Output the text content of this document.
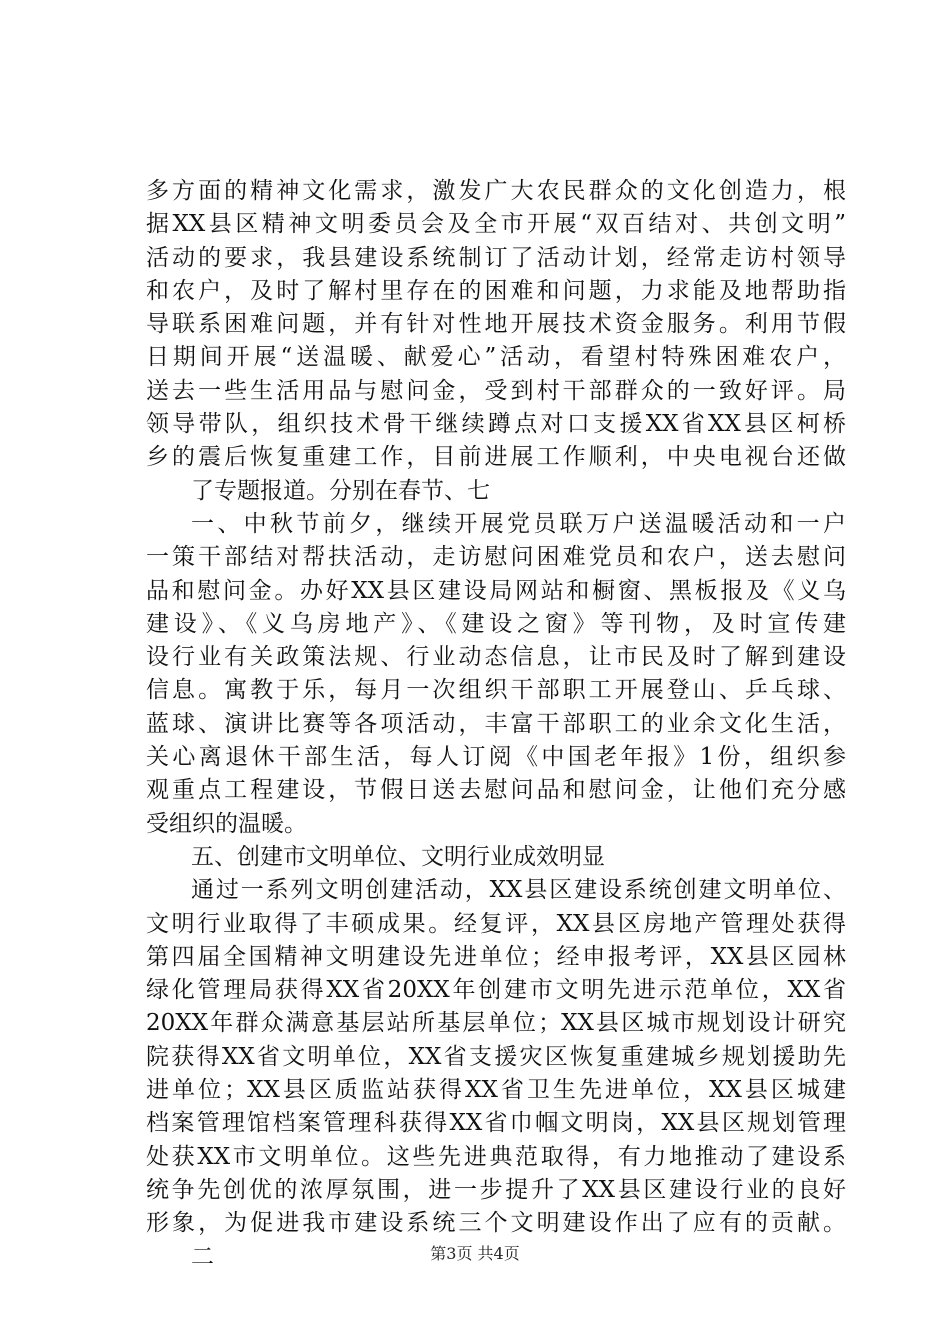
多方面的精神文化需求，激发广大农民群众的文化创造力，根
据XX县区精神文明委员会及全市开展“双百结对、共创文明”
活动的要求，我县建设系统制订了活动计划，经常走访村领导
和农户，及时了解村里存在的困难和问题，力求能及地帮助指
导联系困难问题，并有针对性地开展技术资金服务。利用节假
日期间开展“送温暖、献爱心”活动，看望村特殊困难农户，
送去一些生活用品与慰问金，受到村干部群众的一致好评。局
领导带队，组织技术骨干继续蹲点对口支援XX省XX县区柯桥
乡的震后恢复重建工作，目前进展工作顺利，中央电视台还做
了专题报道。分别在春节、七
一、中秋节前夕，继续开展党员联万户送温暖活动和一户
一策干部结对帮扶活动，走访慰问困难党员和农户，送去慰问
品和慰问金。办好XX县区建设局网站和橱窗、黑板报及《义乌
建设》、《义乌房地产》、《建设之窗》等刊物，及时宣传建
设行业有关政策法规、行业动态信息，让市民及时了解到建设
信息。寓教于乐，每月一次组织干部职工开展登山、乒乓球、
蓝球、演讲比赛等各项活动，丰富干部职工的业余文化生活，
关心离退休干部生活，每人订阅《中国老年报》1份，组织参
观重点工程建设，节假日送去慰问品和慰问金，让他们充分感
受组织的温暖。
五、创建市文明单位、文明行业成效明显
通过一系列文明创建活动，XX县区建设系统创建文明单位、
文明行业取得了丰硕成果。经复评，XX县区房地产管理处获得
第四届全国精神文明建设先进单位；经申报考评，XX县区园林
绿化管理局获得XX省20XX年创建市文明先进示范单位，XX省
20XX年群众满意基层站所基层单位；XX县区城市规划设计研究
院获得XX省文明单位，XX省支援灾区恢复重建城乡规划援助先
进单位；XX县区质监站获得XX省卫生先进单位，XX县区城建
档案管理馆档案管理科获得XX省巾帼文明岗，XX县区规划管理
处获XX市文明单位。这些先进典范取得，有力地推动了建设系
统争先创优的浓厚氛围，进一步提升了XX县区建设行业的良好
形象，为促进我市建设系统三个文明建设作出了应有的贡献。
二	第3页 共4页
